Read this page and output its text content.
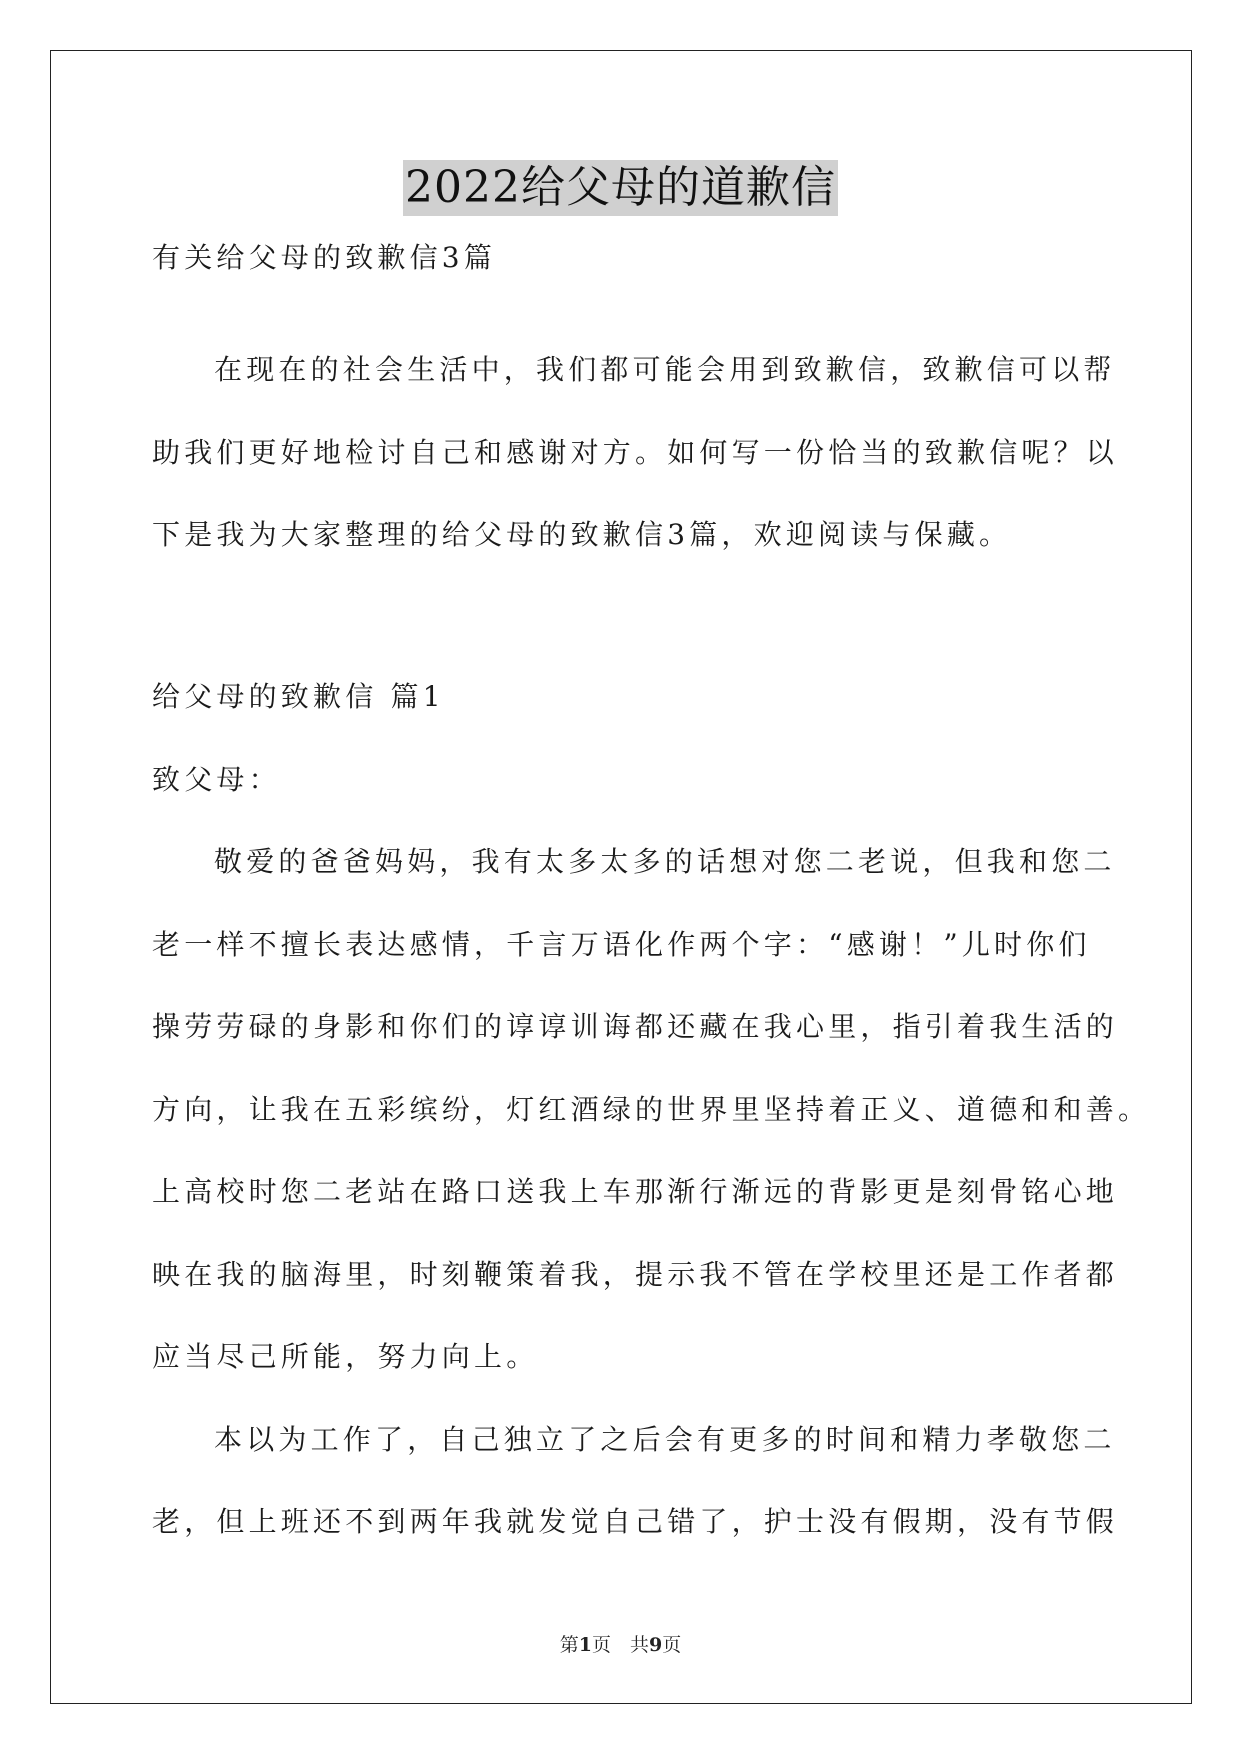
2022给父母的道歉信
有关给父母的致歉信3篇
在现在的社会生活中，我们都可能会用到致歉信，致歉信可以帮
助我们更好地检讨自己和感谢对方。如何写一份恰当的致歉信呢？以
下是我为大家整理的给父母的致歉信3篇，欢迎阅读与保藏。
给父母的致歉信 篇1
致父母：
敬爱的爸爸妈妈，我有太多太多的话想对您二老说，但我和您二
老一样不擅长表达感情，千言万语化作两个字：“感谢！”儿时你们
操劳劳碌的身影和你们的谆谆训诲都还藏在我心里，指引着我生活的
方向，让我在五彩缤纷，灯红酒绿的世界里坚持着正义、道德和和善。
上高校时您二老站在路口送我上车那渐行渐远的背影更是刻骨铭心地
映在我的脑海里，时刻鞭策着我，提示我不管在学校里还是工作者都
应当尽己所能，努力向上。
本以为工作了，自己独立了之后会有更多的时间和精力孝敬您二
老，但上班还不到两年我就发觉自己错了，护士没有假期，没有节假
第1页　共9页
